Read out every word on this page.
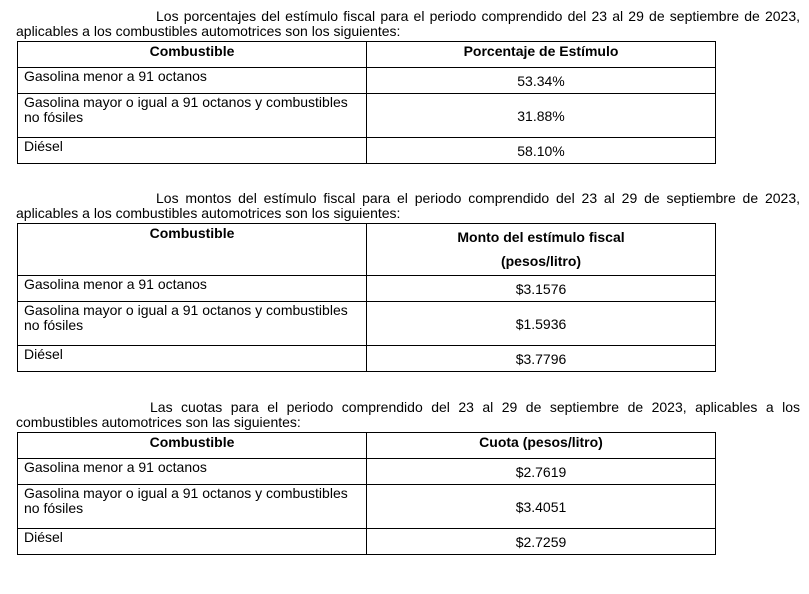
Los porcentajes del estímulo fiscal para el periodo comprendido del 23 al 29 de septiembre de 2023, aplicables a los combustibles automotrices son los siguientes:

Combustible	Porcentaje de Estímulo
Gasolina menor a 91 octanos	53.34%
Gasolina mayor o igual a 91 octanos y combustibles no fósiles	31.88%
Diésel	58.10%

Los montos del estímulo fiscal para el periodo comprendido del 23 al 29 de septiembre de 2023, aplicables a los combustibles automotrices son los siguientes:

Combustible	Monto del estímulo fiscal
(pesos/litro)

Gasolina menor a 91 octanos	$3.1576
Gasolina mayor o igual a 91 octanos y combustibles no fósiles	$1.5936
Diésel	$3.7796

Las cuotas para el periodo comprendido del 23 al 29 de septiembre de 2023, aplicables a los combustibles automotrices son las siguientes:

Combustible	Cuota (pesos/litro)
Gasolina menor a 91 octanos	$2.7619
Gasolina mayor o igual a 91 octanos y combustibles no fósiles	$3.4051
Diésel	$2.7259
